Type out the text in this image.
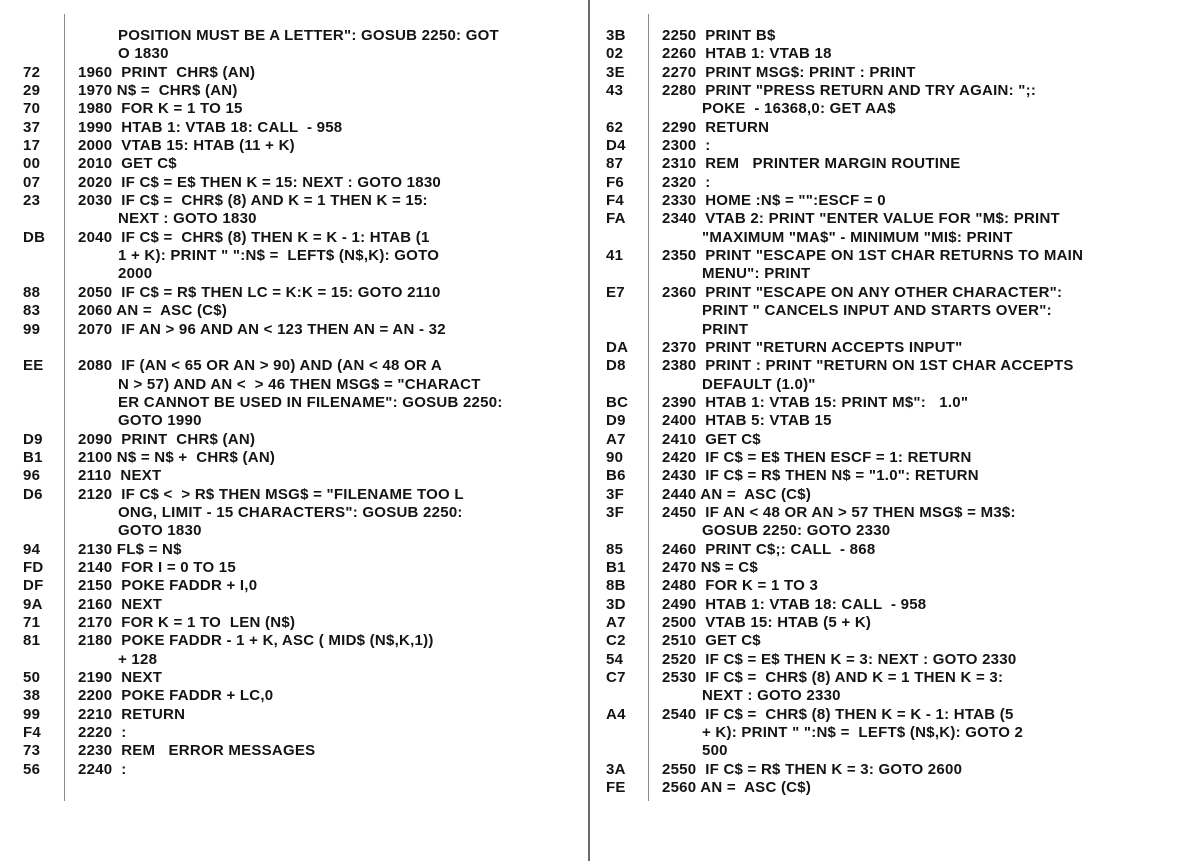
POSITION MUST BE A LETTER": GOSUB 2250: GOT
O 1830
72	1960  PRINT  CHR$ (AN)
29	1970 N$ =  CHR$ (AN)
70	1980  FOR K = 1 TO 15
37	1990  HTAB 1: VTAB 18: CALL  - 958
17	2000  VTAB 15: HTAB (11 + K)
00	2010  GET C$
07	2020  IF C$ = E$ THEN K = 15: NEXT : GOTO 1830
23	2030  IF C$ =  CHR$ (8) AND K = 1 THEN K = 15:
NEXT : GOTO 1830
DB 2040  IF C$ =  CHR$ (8) THEN K = K - 1: HTAB (1
1 + K): PRINT " ":N$ =  LEFT$ (N$,K): GOTO
2000
88	2050  IF C$ = R$ THEN LC = K:K = 15: GOTO 2110
83	2060 AN =  ASC (C$)
99	2070  IF AN > 96 AND AN < 123 THEN AN = AN - 32
EE 2080  IF (AN < 65 OR AN > 90) AND (AN < 48 OR A
N > 57) AND AN <  > 46 THEN MSG$ = "CHARACT
ER CANNOT BE USED IN FILENAME": GOSUB 2250:
GOTO 1990
D9 2090  PRINT  CHR$ (AN)
B1 2100 N$ = N$ +  CHR$ (AN)
96	2110  NEXT
D6 2120  IF C$ <  > R$ THEN MSG$ = "FILENAME TOO L
ONG, LIMIT - 15 CHARACTERS": GOSUB 2250:
GOTO 1830
94	2130 FL$ = N$
FD 2140  FOR I = 0 TO 15
DF 2150  POKE FADDR + I,0
9A 2160  NEXT
71	2170  FOR K = 1 TO  LEN (N$)
81	2180  POKE FADDR - 1 + K, ASC ( MID$ (N$,K,1))
+ 128
50	2190  NEXT
38	2200  POKE FADDR + LC,0
99	2210  RETURN
F4 2220  :
73	2230  REM   ERROR MESSAGES
56	2240  :
3B 2250  PRINT B$
02	2260  HTAB 1: VTAB 18
3E 2270  PRINT MSG$: PRINT : PRINT
43	2280  PRINT "PRESS RETURN AND TRY AGAIN: ";:
POKE  - 16368,0: GET AA$
62	2290  RETURN
D4 2300  :
87	2310  REM   PRINTER MARGIN ROUTINE
F6	2320  :
F4	2330  HOME :N$ = "":ESCF = 0
FA 2340  VTAB 2: PRINT "ENTER VALUE FOR "M$: PRINT
"MAXIMUM "MA$" - MINIMUM "MI$: PRINT
41	2350  PRINT "ESCAPE ON 1ST CHAR RETURNS TO MAIN
MENU": PRINT
E7 2360  PRINT "ESCAPE ON ANY OTHER CHARACTER":
PRINT " CANCELS INPUT AND STARTS OVER":
PRINT
DA 2370  PRINT "RETURN ACCEPTS INPUT"
D8 2380  PRINT : PRINT "RETURN ON 1ST CHAR ACCEPTS
DEFAULT (1.0)"
BC 2390  HTAB 1: VTAB 15: PRINT M$":   1.0"
D9 2400  HTAB 5: VTAB 15
A7 2410  GET C$
90	2420  IF C$ = E$ THEN ESCF = 1: RETURN
B6 2430  IF C$ = R$ THEN N$ = "1.0": RETURN
3F	2440 AN =  ASC (C$)
3F	2450  IF AN < 48 OR AN > 57 THEN MSG$ = M3$:
GOSUB 2250: GOTO 2330
85	2460  PRINT C$;: CALL  - 868
B1 2470 N$ = C$
8B 2480  FOR K = 1 TO 3
3D 2490  HTAB 1: VTAB 18: CALL  - 958
A7 2500  VTAB 15: HTAB (5 + K)
C2 2510  GET C$
54	2520  IF C$ = E$ THEN K = 3: NEXT : GOTO 2330
C7 2530  IF C$ =  CHR$ (8) AND K = 1 THEN K = 3:
NEXT : GOTO 2330
A4 2540  IF C$ =  CHR$ (8) THEN K = K - 1: HTAB (5
+ K): PRINT " ":N$ =  LEFT$ (N$,K): GOTO 2
500
3A 2550  IF C$ = R$ THEN K = 3: GOTO 2600
FE 2560 AN =  ASC (C$)
